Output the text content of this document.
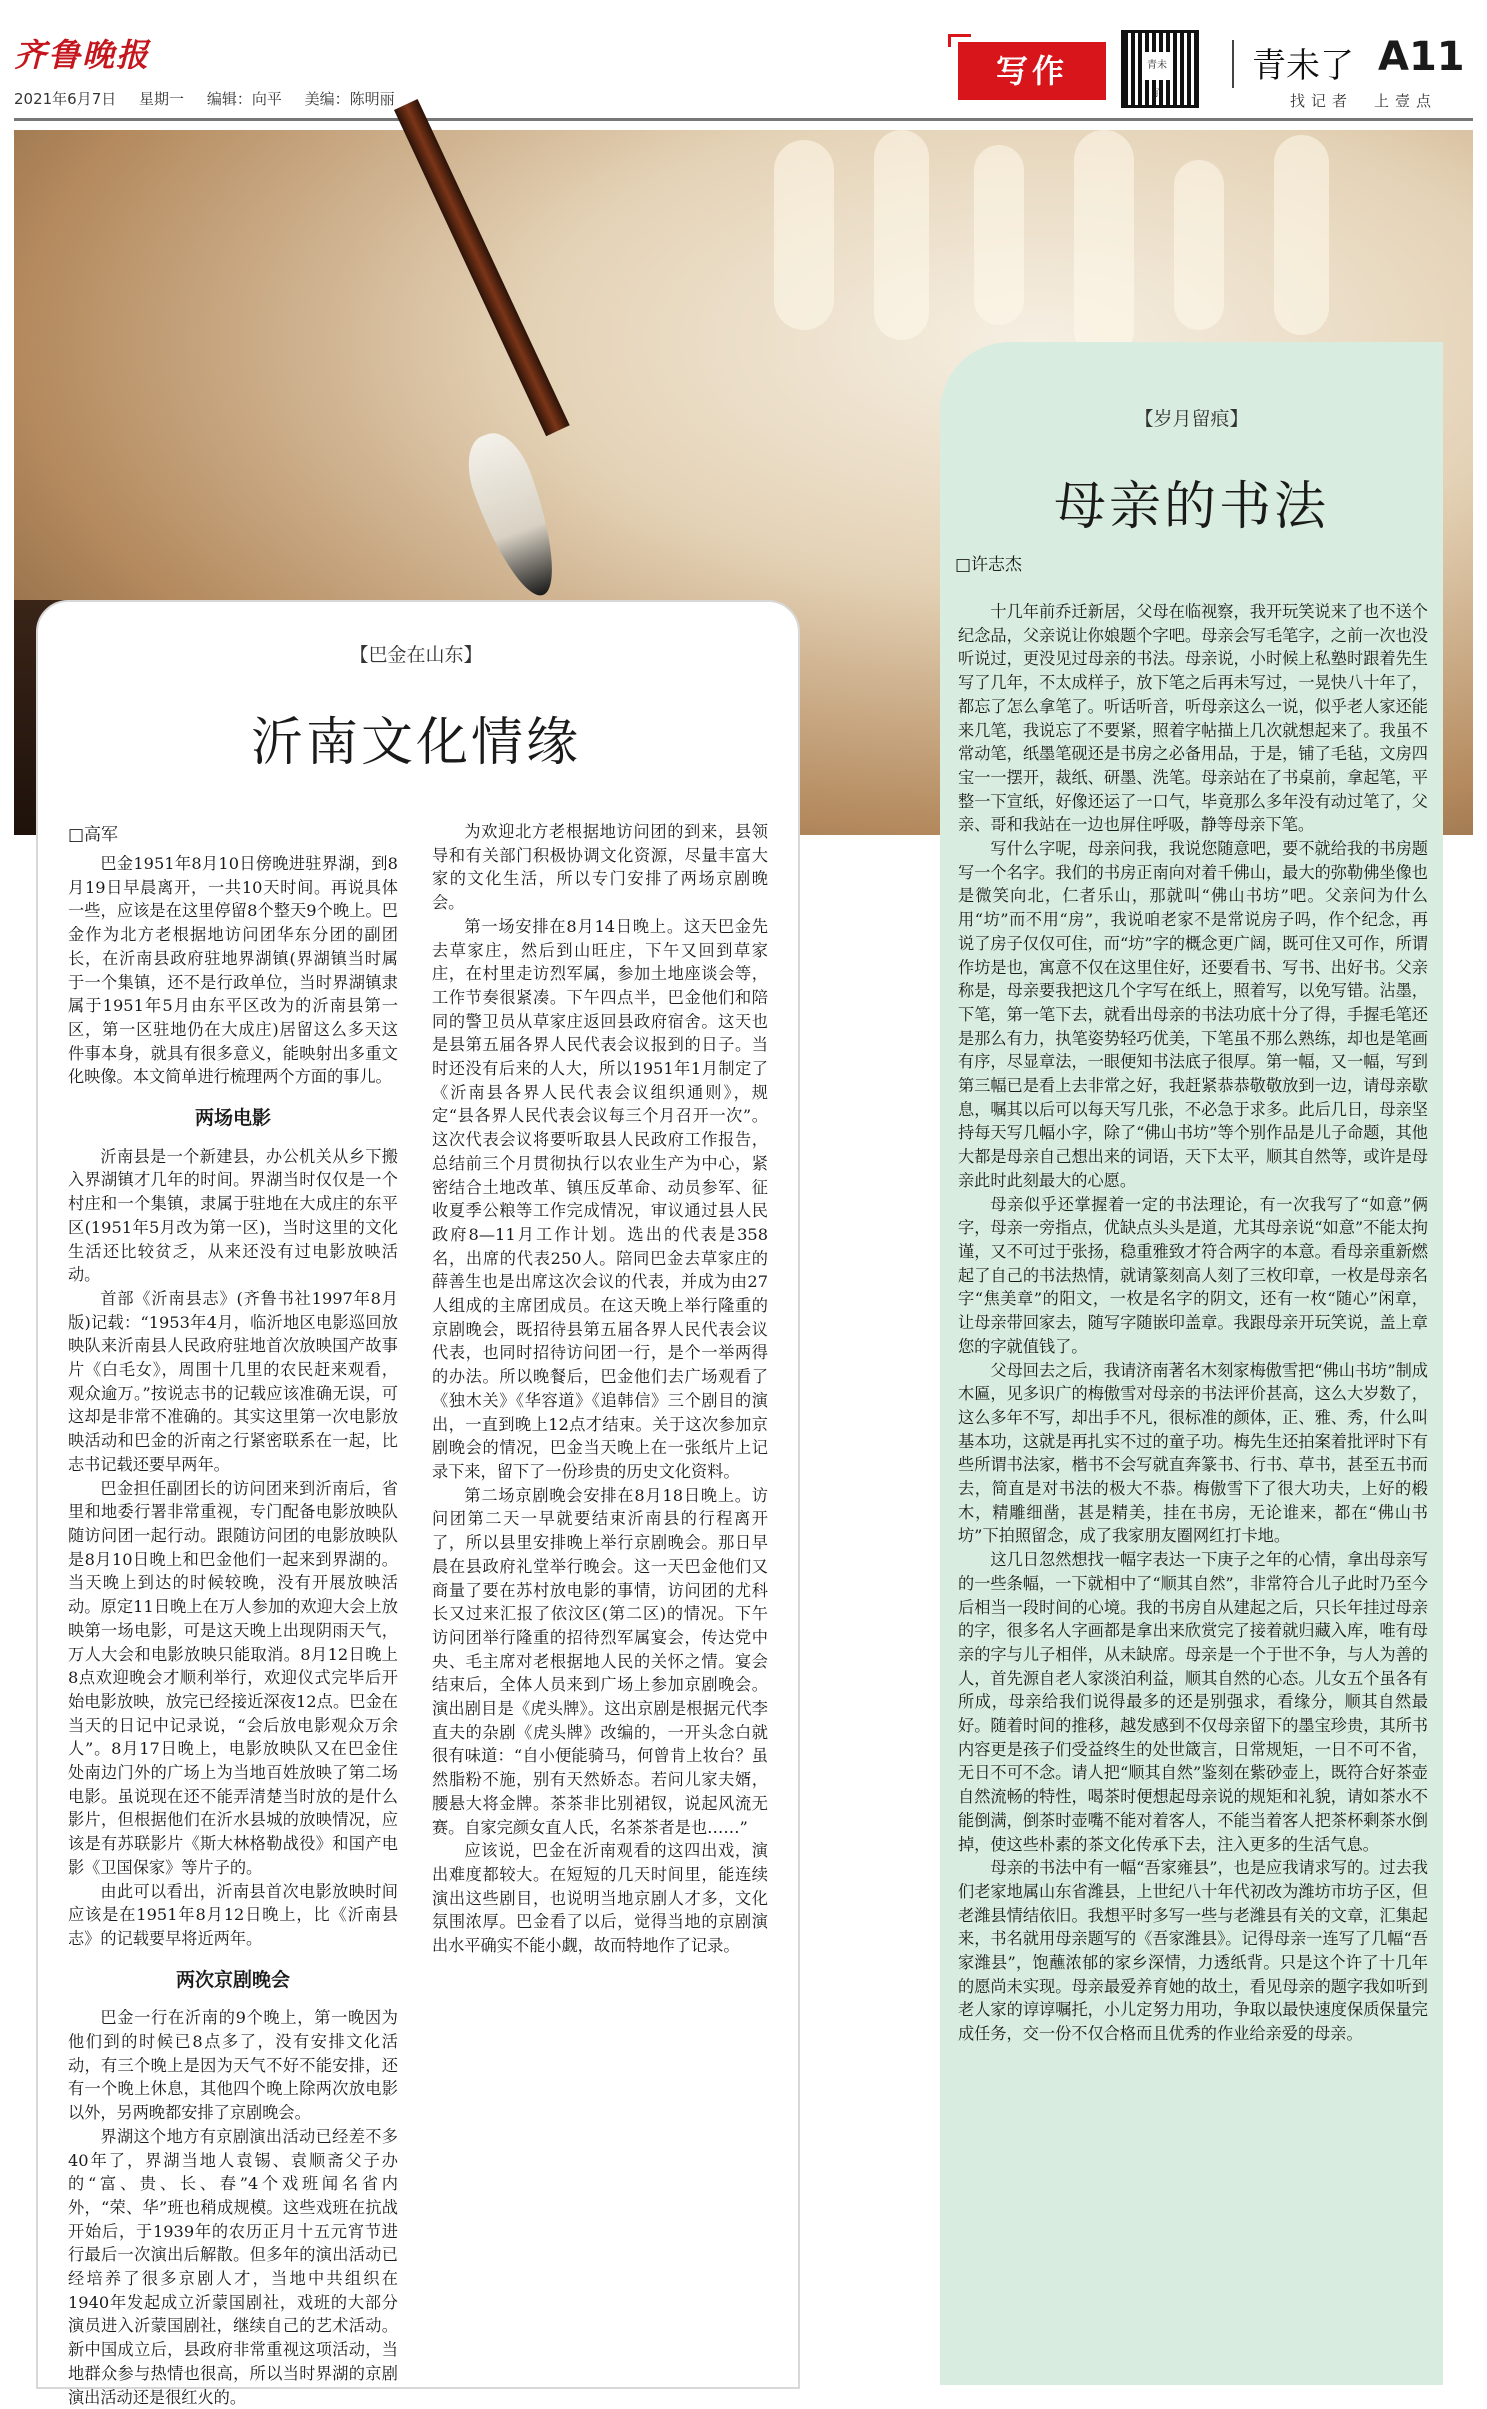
齐鲁晚报
2021年6月7日 星期一 编辑：向平 美编：陈明丽
写作	青未了
青未了 A11
找记者　上壹点
【巴金在山东】
沂南文化情缘
□高军

巴金1951年8月10日傍晚进驻界湖，到8月19日早晨离开，一共10天时间。再说具体一些，应该是在这里停留8个整天9个晚上。巴金作为北方老根据地访问团华东分团的副团长，在沂南县政府驻地界湖镇(界湖镇当时属于一个集镇，还不是行政单位，当时界湖镇隶属于1951年5月由东平区改为的沂南县第一区，第一区驻地仍在大成庄)居留这么多天这件事本身，就具有很多意义，能映射出多重文化映像。本文简单进行梳理两个方面的事儿。

两场电影

沂南县是一个新建县，办公机关从乡下搬入界湖镇才几年的时间。界湖当时仅仅是一个村庄和一个集镇，隶属于驻地在大成庄的东平区(1951年5月改为第一区)，当时这里的文化生活还比较贫乏，从来还没有过电影放映活动。

首部《沂南县志》(齐鲁书社1997年8月版)记载：“1953年4月，临沂地区电影巡回放映队来沂南县人民政府驻地首次放映国产故事片《白毛女》，周围十几里的农民赶来观看，观众逾万。”按说志书的记载应该准确无误，可这却是非常不准确的。其实这里第一次电影放映活动和巴金的沂南之行紧密联系在一起，比志书记载还要早两年。

巴金担任副团长的访问团来到沂南后，省里和地委行署非常重视，专门配备电影放映队随访问团一起行动。跟随访问团的电影放映队是8月10日晚上和巴金他们一起来到界湖的。当天晚上到达的时候较晚，没有开展放映活动。原定11日晚上在万人参加的欢迎大会上放映第一场电影，可是这天晚上出现阴雨天气，万人大会和电影放映只能取消。8月12日晚上8点欢迎晚会才顺利举行，欢迎仪式完毕后开始电影放映，放完已经接近深夜12点。巴金在当天的日记中记录说，“会后放电影观众万余人”。8月17日晚上，电影放映队又在巴金住处南边门外的广场上为当地百姓放映了第二场电影。虽说现在还不能弄清楚当时放的是什么影片，但根据他们在沂水县城的放映情况，应该是有苏联影片《斯大林格勒战役》和国产电影《卫国保家》等片子的。

由此可以看出，沂南县首次电影放映时间应该是在1951年8月12日晚上，比《沂南县志》的记载要早将近两年。

两次京剧晚会

巴金一行在沂南的9个晚上，第一晚因为他们到的时候已8点多了，没有安排文化活动，有三个晚上是因为天气不好不能安排，还有一个晚上休息，其他四个晚上除两次放电影以外，另两晚都安排了京剧晚会。

界湖这个地方有京剧演出活动已经差不多40年了，界湖当地人袁锡、袁顺斋父子办的“富、贵、长、春”4个戏班闻名省内外，“荣、华”班也稍成规模。这些戏班在抗战开始后，于1939年的农历正月十五元宵节进行最后一次演出后解散。但多年的演出活动已经培养了很多京剧人才，当地中共组织在1940年发起成立沂蒙国剧社，戏班的大部分演员进入沂蒙国剧社，继续自己的艺术活动。新中国成立后，县政府非常重视这项活动，当地群众参与热情也很高，所以当时界湖的京剧演出活动还是很红火的。

为欢迎北方老根据地访问团的到来，县领导和有关部门积极协调文化资源，尽量丰富大家的文化生活，所以专门安排了两场京剧晚会。

第一场安排在8月14日晚上。这天巴金先去草家庄，然后到山旺庄，下午又回到草家庄，在村里走访烈军属，参加土地座谈会等，工作节奏很紧凑。下午四点半，巴金他们和陪同的警卫员从草家庄返回县政府宿舍。这天也是县第五届各界人民代表会议报到的日子。当时还没有后来的人大，所以1951年1月制定了《沂南县各界人民代表会议组织通则》，规定“县各界人民代表会议每三个月召开一次”。这次代表会议将要听取县人民政府工作报告，总结前三个月贯彻执行以农业生产为中心，紧密结合土地改革、镇压反革命、动员参军、征收夏季公粮等工作完成情况，审议通过县人民政府8—11月工作计划。选出的代表是358名，出席的代表250人。陪同巴金去草家庄的薛善生也是出席这次会议的代表，并成为由27人组成的主席团成员。在这天晚上举行隆重的京剧晚会，既招待县第五届各界人民代表会议代表，也同时招待访问团一行，是个一举两得的办法。所以晚餐后，巴金他们去广场观看了《独木关》《华容道》《追韩信》三个剧目的演出，一直到晚上12点才结束。关于这次参加京剧晚会的情况，巴金当天晚上在一张纸片上记录下来，留下了一份珍贵的历史文化资料。

第二场京剧晚会安排在8月18日晚上。访问团第二天一早就要结束沂南县的行程离开了，所以县里安排晚上举行京剧晚会。那日早晨在县政府礼堂举行晚会。这一天巴金他们又商量了要在苏村放电影的事情，访问团的尤科长又过来汇报了依汶区(第二区)的情况。下午访问团举行隆重的招待烈军属宴会，传达党中央、毛主席对老根据地人民的关怀之情。宴会结束后，全体人员来到广场上参加京剧晚会。演出剧目是《虎头牌》。这出京剧是根据元代李直夫的杂剧《虎头牌》改编的，一开头念白就很有味道：“自小便能骑马，何曾肯上妆台？虽然脂粉不施，别有天然娇态。若问儿家夫婿，腰悬大将金牌。茶茶非比别裙钗，说起风流无赛。自家完颜女直人氏，名茶茶者是也……”

应该说，巴金在沂南观看的这四出戏，演出难度都较大。在短短的几天时间里，能连续演出这些剧目，也说明当地京剧人才多，文化氛围浓厚。巴金看了以后，觉得当地的京剧演出水平确实不能小觑，故而特地作了记录。

【岁月留痕】
母亲的书法
□许志杰

十几年前乔迁新居，父母在临视察，我开玩笑说来了也不送个纪念品，父亲说让你娘题个字吧。母亲会写毛笔字，之前一次也没听说过，更没见过母亲的书法。母亲说，小时候上私塾时跟着先生写了几年，不太成样子，放下笔之后再未写过，一晃快八十年了，都忘了怎么拿笔了。听话听音，听母亲这么一说，似乎老人家还能来几笔，我说忘了不要紧，照着字帖描上几次就想起来了。我虽不常动笔，纸墨笔砚还是书房之必备用品，于是，铺了毛毡，文房四宝一一摆开，裁纸、研墨、洗笔。母亲站在了书桌前，拿起笔，平整一下宣纸，好像还运了一口气，毕竟那么多年没有动过笔了，父亲、哥和我站在一边也屏住呼吸，静等母亲下笔。

写什么字呢，母亲问我，我说您随意吧，要不就给我的书房题写一个名字。我们的书房正南向对着千佛山，最大的弥勒佛坐像也是微笑向北，仁者乐山，那就叫“佛山书坊”吧。父亲问为什么用“坊”而不用“房”，我说咱老家不是常说房子吗，作个纪念，再说了房子仅仅可住，而“坊”字的概念更广阔，既可住又可作，所谓作坊是也，寓意不仅在这里住好，还要看书、写书、出好书。父亲称是，母亲要我把这几个字写在纸上，照着写，以免写错。沾墨，下笔，第一笔下去，就看出母亲的书法功底十分了得，手握毛笔还是那么有力，执笔姿势轻巧优美，下笔虽不那么熟练，却也是笔画有序，尽显章法，一眼便知书法底子很厚。第一幅，又一幅，写到第三幅已是看上去非常之好，我赶紧恭恭敬敬放到一边，请母亲歇息，嘱其以后可以每天写几张，不必急于求多。此后几日，母亲坚持每天写几幅小字，除了“佛山书坊”等个别作品是儿子命题，其他大都是母亲自己想出来的词语，天下太平，顺其自然等，或许是母亲此时此刻最大的心愿。

母亲似乎还掌握着一定的书法理论，有一次我写了“如意”俩字，母亲一旁指点，优缺点头头是道，尤其母亲说“如意”不能太拘谨，又不可过于张扬，稳重雅致才符合两字的本意。看母亲重新燃起了自己的书法热情，就请篆刻高人刻了三枚印章，一枚是母亲名字“焦美章”的阳文，一枚是名字的阴文，还有一枚“随心”闲章，让母亲带回家去，随写字随嵌印盖章。我跟母亲开玩笑说，盖上章您的字就值钱了。

父母回去之后，我请济南著名木刻家梅傲雪把“佛山书坊”制成木匾，见多识广的梅傲雪对母亲的书法评价甚高，这么大岁数了，这么多年不写，却出手不凡，很标准的颜体，正、雅、秀，什么叫基本功，这就是再扎实不过的童子功。梅先生还拍案着批评时下有些所谓书法家，楷书不会写就直奔篆书、行书、草书，甚至五书而去，简直是对书法的极大不恭。梅傲雪下了很大功夫，上好的椴木，精雕细凿，甚是精美，挂在书房，无论谁来，都在“佛山书坊”下拍照留念，成了我家朋友圈网红打卡地。

这几日忽然想找一幅字表达一下庚子之年的心情，拿出母亲写的一些条幅，一下就相中了“顺其自然”，非常符合儿子此时乃至今后相当一段时间的心境。我的书房自从建起之后，只长年挂过母亲的字，很多名人字画都是拿出来欣赏完了接着就归藏入库，唯有母亲的字与儿子相伴，从未缺席。母亲是一个于世不争，与人为善的人，首先源自老人家淡泊利益，顺其自然的心态。儿女五个虽各有所成，母亲给我们说得最多的还是别强求，看缘分，顺其自然最好。随着时间的推移，越发感到不仅母亲留下的墨宝珍贵，其所书内容更是孩子们受益终生的处世箴言，日常规矩，一日不可不省，无日不可不念。请人把“顺其自然”鉴刻在紫砂壶上，既符合好茶壶自然流畅的特性，喝茶时便想起母亲说的规矩和礼貌，请如茶水不能倒满，倒茶时壶嘴不能对着客人，不能当着客人把茶杯剩茶水倒掉，使这些朴素的茶文化传承下去，注入更多的生活气息。

母亲的书法中有一幅“吾家雍县”，也是应我请求写的。过去我们老家地属山东省潍县，上世纪八十年代初改为潍坊市坊子区，但老潍县情结依旧。我想平时多写一些与老潍县有关的文章，汇集起来，书名就用母亲题写的《吾家潍县》。记得母亲一连写了几幅“吾家潍县”，饱蘸浓郁的家乡深情，力透纸背。只是这个许了十几年的愿尚未实现。母亲最爱养育她的故土，看见母亲的题字我如听到老人家的谆谆嘱托，小儿定努力用功，争取以最快速度保质保量完成任务，交一份不仅合格而且优秀的作业给亲爱的母亲。
